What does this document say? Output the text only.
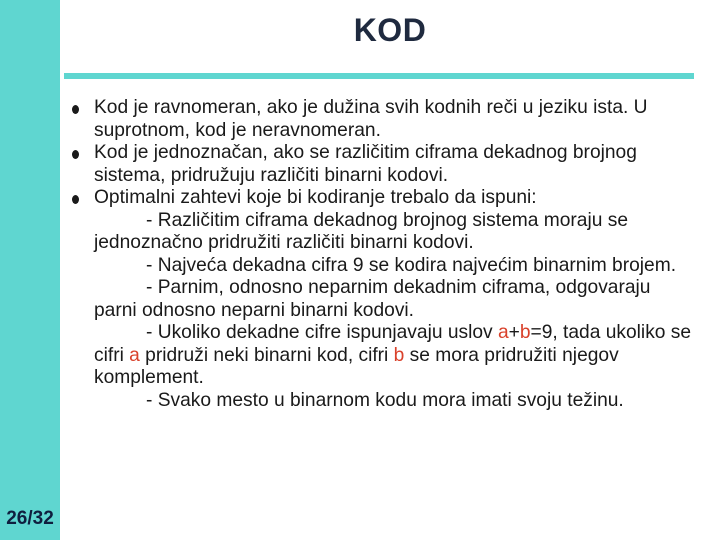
26/32
KOD
Kod je ravnomeran, ako je dužina svih kodnih reči u jeziku ista. U suprotnom, kod je neravnomeran.
Kod je jednoznačan, ako se različitim ciframa dekadnog brojnog sistema, pridružuju različiti binarni kodovi.
Optimalni zahtevi koje bi kodiranje trebalo da ispuni:
- Različitim ciframa dekadnog brojnog sistema moraju se jednoznačno pridružiti različiti binarni kodovi.
- Najveća dekadna cifra 9 se kodira najvećim binarnim brojem.
- Parnim, odnosno neparnim dekadnim ciframa, odgovaraju parni odnosno neparni binarni kodovi.
- Ukoliko dekadne cifre ispunjavaju uslov a+b=9, tada ukoliko se cifri a pridruži neki binarni kod, cifri b se mora pridružiti njegov komplement.
- Svako mesto u binarnom kodu mora imati svoju težinu.
